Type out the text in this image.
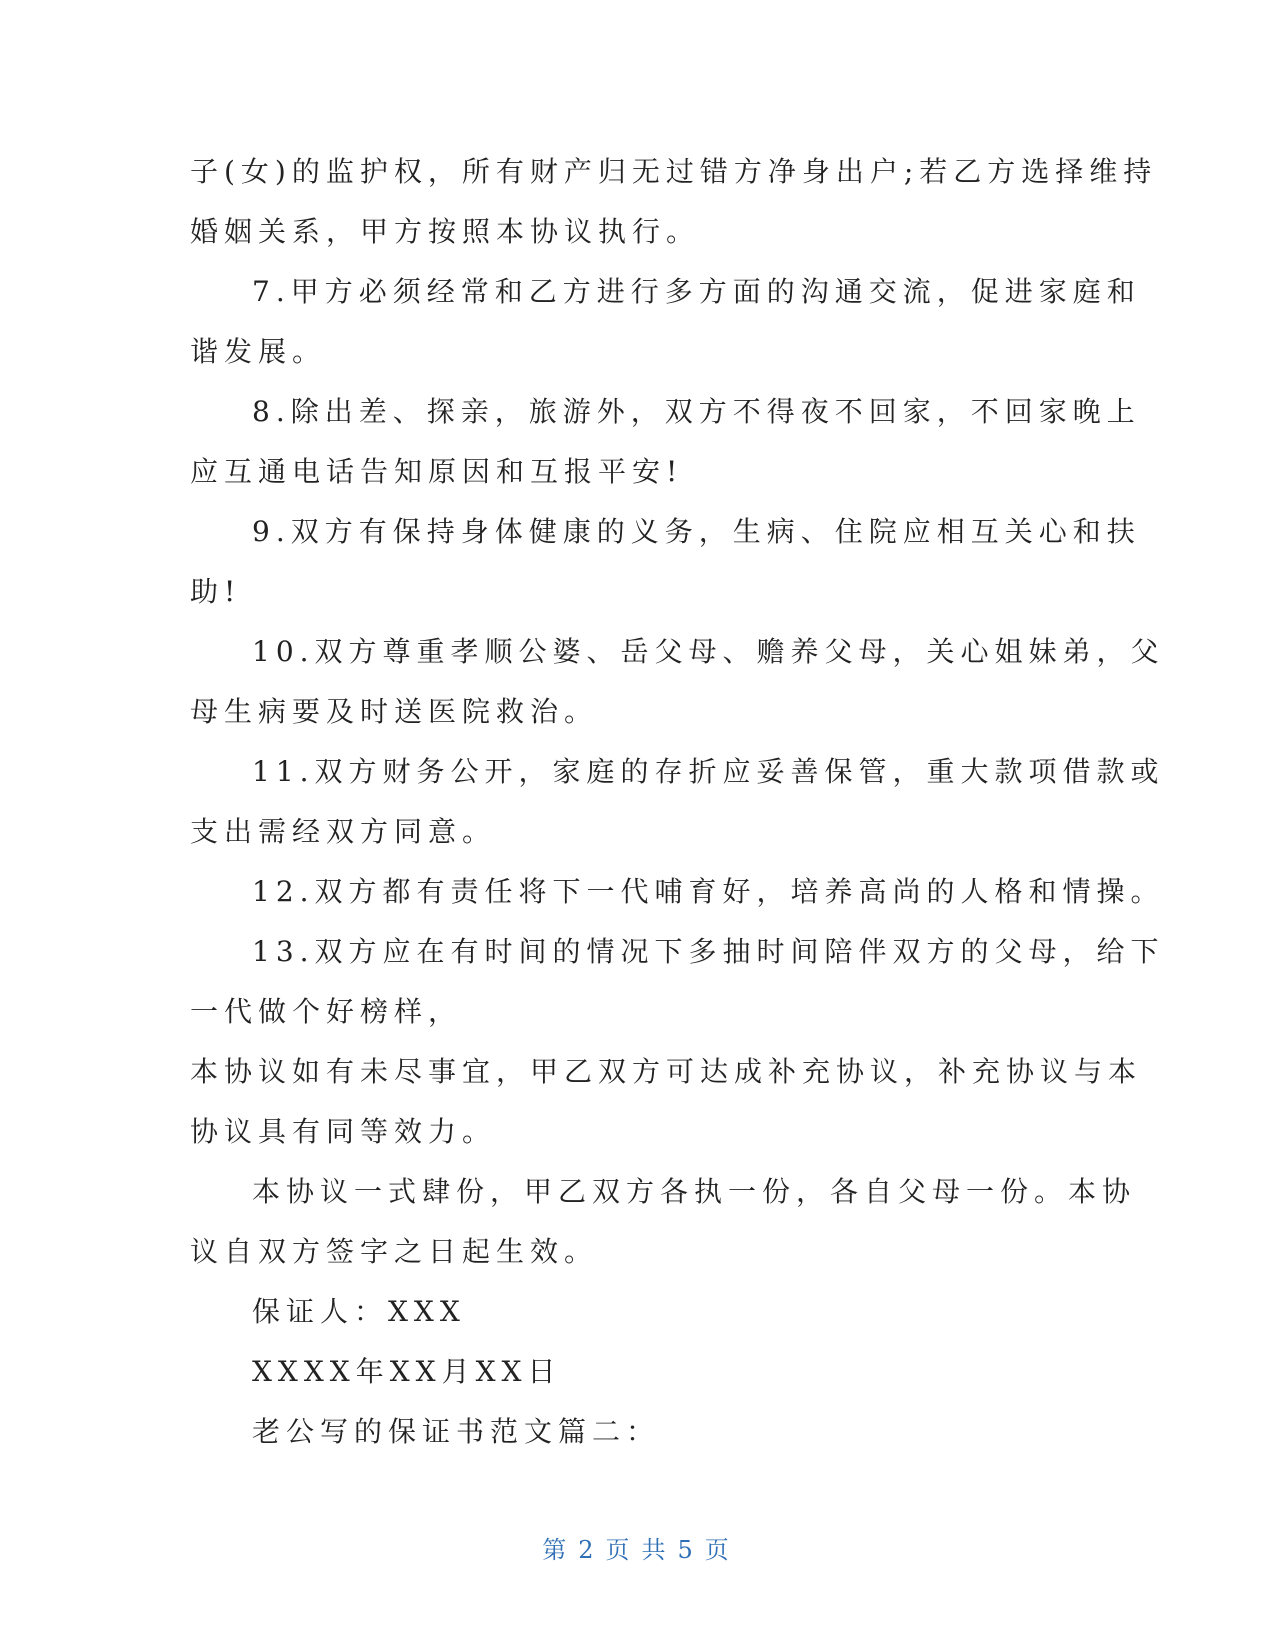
子(女)的监护权，所有财产归无过错方净身出户;若乙方选择维持
婚姻关系，甲方按照本协议执行。
7.甲方必须经常和乙方进行多方面的沟通交流，促进家庭和
谐发展。
8.除出差、探亲，旅游外，双方不得夜不回家，不回家晚上
应互通电话告知原因和互报平安!
9.双方有保持身体健康的义务，生病、住院应相互关心和扶
助!
10.双方尊重孝顺公婆、岳父母、赡养父母，关心姐妹弟，父
母生病要及时送医院救治。
11.双方财务公开，家庭的存折应妥善保管，重大款项借款或
支出需经双方同意。
12.双方都有责任将下一代哺育好，培养高尚的人格和情操。
13.双方应在有时间的情况下多抽时间陪伴双方的父母，给下
一代做个好榜样，
本协议如有未尽事宜，甲乙双方可达成补充协议，补充协议与本
协议具有同等效力。
本协议一式肆份，甲乙双方各执一份，各自父母一份。本协
议自双方签字之日起生效。
保证人：XXX
XXXX年XX月XX日
老公写的保证书范文篇二：
第 2 页 共 5 页
